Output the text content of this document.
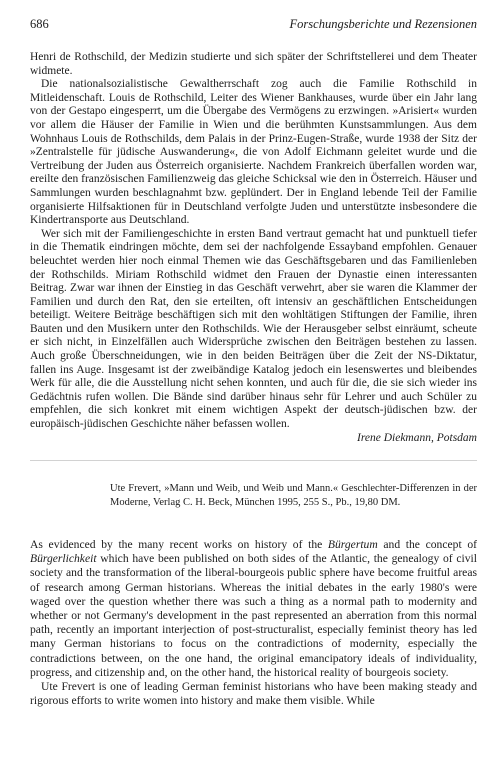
686	Forschungsberichte und Rezensionen

Henri de Rothschild, der Medizin studierte und sich später der Schriftstellerei und dem Theater widmete.

Die nationalsozialistische Gewaltherrschaft zog auch die Familie Rothschild in Mitleidenschaft. Louis de Rothschild, Leiter des Wiener Bankhauses, wurde über ein Jahr lang von der Gestapo eingesperrt, um die Übergabe des Vermögens zu erzwingen. »Arisiert« wurden vor allem die Häuser der Familie in Wien und die berühmten Kunstsammlungen. Aus dem Wohnhaus Louis de Rothschilds, dem Palais in der Prinz-Eugen-Straße, wurde 1938 der Sitz der »Zentralstelle für jüdische Auswanderung«, die von Adolf Eichmann geleitet wurde und die Vertreibung der Juden aus Österreich organisierte. Nachdem Frankreich überfallen worden war, ereilte den französischen Familienzweig das gleiche Schicksal wie den in Österreich. Häuser und Sammlungen wurden beschlagnahmt bzw. geplündert. Der in England lebende Teil der Familie organisierte Hilfsaktionen für in Deutschland verfolgte Juden und unterstützte insbesondere die Kindertransporte aus Deutschland.

Wer sich mit der Familiengeschichte in ersten Band vertraut gemacht hat und punktuell tiefer in die Thematik eindringen möchte, dem sei der nachfolgende Essayband empfohlen. Genauer beleuchtet werden hier noch einmal Themen wie das Geschäftsgebaren und das Familienleben der Rothschilds. Miriam Rothschild widmet den Frauen der Dynastie einen interessanten Beitrag. Zwar war ihnen der Einstieg in das Geschäft verwehrt, aber sie waren die Klammer der Familien und durch den Rat, den sie erteilten, oft intensiv an geschäftlichen Entscheidungen beteiligt. Weitere Beiträge beschäftigen sich mit den wohltätigen Stiftungen der Familie, ihren Bauten und den Musikern unter den Rothschilds. Wie der Herausgeber selbst einräumt, scheute er sich nicht, in Einzelfällen auch Widersprüche zwischen den Beiträgen bestehen zu lassen. Auch große Überschneidungen, wie in den beiden Beiträgen über die Zeit der NS-Diktatur, fallen ins Auge. Insgesamt ist der zweibändige Katalog jedoch ein lesenswertes und bleibendes Werk für alle, die die Ausstellung nicht sehen konnten, und auch für die, die sie sich wieder ins Gedächtnis rufen wollen. Die Bände sind darüber hinaus sehr für Lehrer und auch Schüler zu empfehlen, die sich konkret mit einem wichtigen Aspekt der deutsch-jüdischen bzw. der europäisch-jüdischen Geschichte näher befassen wollen.

Irene Diekmann, Potsdam

Ute Frevert, »Mann und Weib, und Weib und Mann.« Geschlechter-Differenzen in der Moderne, Verlag C. H. Beck, München 1995, 255 S., Pb., 19,80 DM.

As evidenced by the many recent works on history of the Bürgertum and the concept of Bürgerlichkeit which have been published on both sides of the Atlantic, the genealogy of civil society and the transformation of the liberal-bourgeois public sphere have become fruitful areas of research among German historians. Whereas the initial debates in the early 1980's were waged over the question whether there was such a thing as a normal path to modernity and whether or not Germany's development in the past represented an aberration from this normal path, recently an important interjection of post-structuralist, especially feminist theory has led many German historians to focus on the contradictions of modernity, especially the contradictions between, on the one hand, the original emancipatory ideals of individuality, progress, and citizenship and, on the other hand, the historical reality of bourgeois society.

Ute Frevert is one of leading German feminist historians who have been making steady and rigorous efforts to write women into history and make them visible. While
